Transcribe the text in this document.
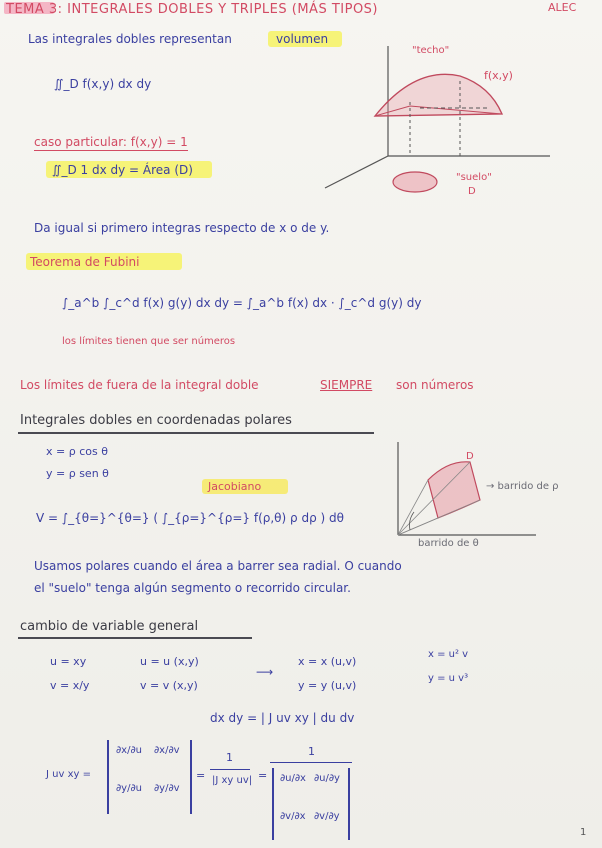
TEMA 3: INTEGRALES DOBLES Y TRIPLES (MÁS TIPOS)	ALEC
Las integrales dobles representan	volumen
∬_D f(x,y) dx dy
"techo"
f(x,y)
"suelo"
D
caso particular: f(x,y) = 1
∬_D 1 dx dy = Área (D)
Da igual si primero integras respecto de x o de y.
Teorema de Fubini
∫_a^b ∫_c^d f(x) g(y) dx dy = ∫_a^b f(x) dx · ∫_c^d g(y) dy
los límites tienen que ser números
Los límites de fuera de la integral doble	SIEMPRE son números
Integrales dobles en coordenadas polares
x = ρ cos θ
y = ρ sen θ
Jacobiano
V = ∫_{θ=}^{θ=} ( ∫_{ρ=}^{ρ=} f(ρ,θ) ρ dρ ) dθ
D
→ barrido de ρ
barrido de θ
Usamos polares cuando el área a barrer sea radial. O cuando
el "suelo" tenga algún segmento o recorrido circular.
cambio de variable general
u = xy
v = x/y
u = u (x,y)
v = v (x,y)
⟶
x = x (u,v)
y = y (u,v)
x = u² v
y = u v³
dx dy = | J uv xy | du dv
J uv xy =
∂x/∂u ∂x/∂v
∂y/∂u ∂y/∂v
=
1
|J xy uv| =
1
∂u/∂x ∂u/∂y
∂v/∂x ∂v/∂y
1
